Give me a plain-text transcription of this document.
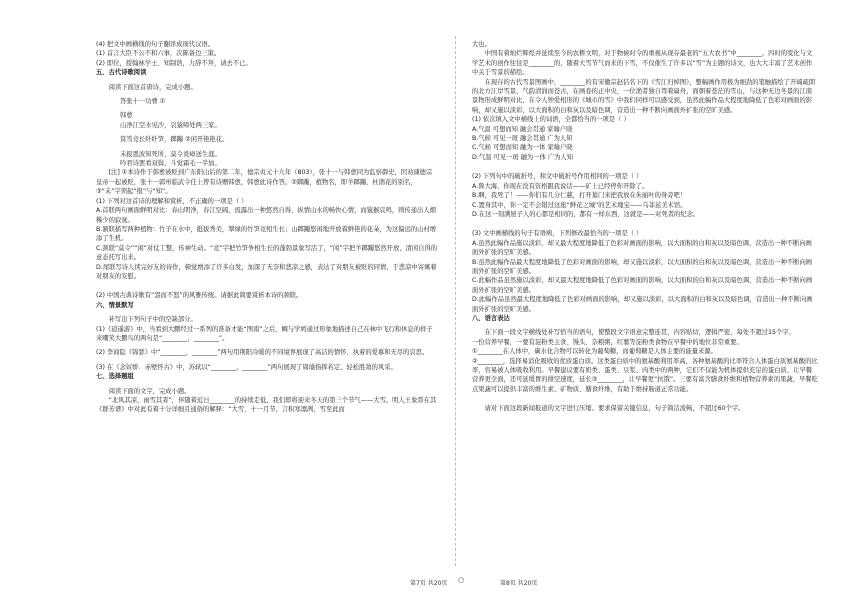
(4) 把文中画横线的句子翻译成现代汉语。
(1) 首言大臣不公不和六事，次陈备边三策。
(2) 即位，授翰林学士、知制诰，力辞不拜，请去不已。
五、古代诗歌阅读
阅读下面这首唐诗，完成小题。
答张十一功曹 ①
韩愈
山净江空水见沙，哀猿啼处两三家。
筼筜竞长纤纤笋，踯躅 ②闲开艳艳花。
未报恩波知死所，莫令炎瘴送生涯。
吟君诗罢看双鬓，斗觉霜毛一半加。
[注] ①本诗作于韩愈被贬到广东阳山后的第二年，德宗贞元十九年（803），张十一与韩愈同为监察御史，因劝谏德宗皇帝一起被贬，张十一郭州临武令任上曾有诗赠韩愈，韩愈此诗作答。②踯躅，植物名，即羊踯躅，杜鹃花的别名，③“未”字领起“报”与“知”。
(1) 下列对这首诗的理解和赏析，不正确的一项是（ ）
A.首联两句画面鲜明对比：春山明净，春江空阔，流露出一种悠然自得、纵情山水的畅快心情，而猿猴哀鸣，则传递出人烟稀少的寂寞。
B.颔联描写两种植物：竹子在水中，挺拔秀美，翠绿的竹笋竞相生长；山踯躅悠闲地开放着鲜艳的花朵，为这偏远的山村增添了生机。
C.颈联“莫令”“闲”对仗工整，传神生动。“竞”字把竹笋争相生长的蓬勃景象写活了，“闲”字把羊踯躅悠然开放、清闲自得的意态托写出来。
D.尾联写诗人读完好友的诗作，顿觉增添了许多白发，加深了无奈和悲凉之感，表达了对朋友被贬的同情，于悲凉中寄寓着对朋友的安慰。
(2) 中国古典诗歌有“怨而不怒”的风雅传统。请据此简要赏析本诗的颈联。
六、情景默写
补写出下列句子中的空缺部分。
(1)《逍遥游》中，当看到大鹏经过一系列的准备才能“图南”之后，蜩与学鸠通过形象地描述自己在林中飞行和休息的样子来嘲笑大鹏鸟的两句是“________，________”。
(2) 李商隐《锦瑟》中“________，________”两句用荆阳冷暖的不同境界展现了高洁的情怀、执着的爱慕和无尽的哀思。
(3) 在《念奴娇．赤壁怀古》中，苏轼以“________，________”两句展现了周瑜指挥若定、轻松胜敌的风采。
七、选择题组
阅读下面的文字，完成小题。
“北风其凉，雨雪其雱”，伴随着近日________的持续走低，我们即将迎来冬天的第三个节气——大雪。明人王象晋在其《群芳谱》中对此有着十分详细且通俗的解释：“大雪，十一月节，言积寒凛冽，雪至此而
大也。
中国有着灿烂辉煌并延续至今的农耕文明，对于物候时令的重视从现存最老的“五大农书”中________，四时的变化与文学艺术的创作往往是________的，随着大雪节气而来的下雪，不仅催生了许多以“雪”为主题的诗文，也大大丰富了艺术创作中关于雪景的描绘。
在现存的古代雪景图画中，________的有宋徽宗赵佶名下的《雪江归棹图》，整幅画作用极为细劲的笔触描绘了开阔疏朗的北方江岸雪景，气韵清润而苍古，在画卷的正中央，一位渔者独自驾着扁舟，面朝着苍茫的雪山，与这种无边冬景的江南景物形成鲜明对比，在令人钟爱相形的《城市的雪》中我们同样可以感受到，虽然此幅作品大程度地降低了色彩对画面的影响，却又施以淡彩，以大面积的白和灰以及暗色调，营造出一种不断向画面外扩张的空旷美感。
(1) 依次填入文中横线上的词语，全都恰当的一项是（ ）
A.气温 可想而知 融会贯通 家喻户晓
B.气候 可见一斑 融会贯通 广为人知
C.气候 可想而知 融为一体 家喻户晓
D.气温 可见一斑 融为一体 广为人知
(2) 下列句中的破折号，和文中破折号作用相同的一项是（ ）
A.鲁大海，你现在没有资格跟我说话——矿上已经停你开除了。
B.啊，我死了！——你们有几分仁慈，打开墓门来把我放在朱丽叶的身旁吧！
C.置身其中，你一定不会错过这座“鲜花之城”的艺术瑰宝——乌菲兹美术馆。
D.在这一刻满屋子人的心都是相同的，都有一样东西，这就是——对死者的纪念。
(3) 文中画横线的句子有语病，下列修改最恰当的一项是（ ）
A.虽然此幅作品施以淡彩，却又最大程度地降低了色彩对画面的影响，以大面积的白和灰以及暗色调，营造出一种不断向画面外扩张的空旷美感。
B.虽然此幅作品最大程度地降低了色彩对画面的影响，却又施以淡彩，以大面积的白和灰以及暗色调，营造出一种不断向画面外扩张的空旷美感。
C.此幅作品虽然施以淡彩，却又最大程度地降低了色彩对画面的影响，以大面积的白和灰以及暗色调，营造出一种不断向画面外扩张的空旷美感。
D.此幅作品虽然最大程度地降低了色彩对画面的影响，却又施以淡彩，以大面积的白和灰以及暗色调，营造出一种不断向画面外扩张的空旷美感。
八、语言表达
在下面一段文字横线处补写恰当的语句，使整段文字语意完整连贯，内容贴切，逻辑严密，每处不超过15个字。
一份营养早餐，一要有淀粉类主食、馒头、杂粮粥，红薯等淀粉类食物在早餐中的地位非常重要。
①________在人体中，碳水化合物可以转化为葡萄糖，而葡萄糖是人体主要的能量来源。
②________，选择易消化吸收的优质蛋白质。这类蛋白质中的氨基酸利用率高，各种氨基酸的比率符合人体蛋白质氨基酸的比率，容易被人体吸收利用。早餐建议要有奶类、蛋类、豆浆、肉类中的两种，它们不仅能为机体提供充足的蛋白质，让早餐营养更全面，还可延缓胃的排空速度，延长③________，让早餐更“抗饿”。三要有富含膳食纤维和植物营养素的果蔬，早餐吃点果蔬可以提供丰富的维生素、矿物质、膳食纤维，有助于维持肠道正常功能。
请对下面这段新闻报道的文字进行压缩。要求保留关键信息，句子简洁流畅，不超过60个字。
第7页 共20页 ○	第8页 共20页
